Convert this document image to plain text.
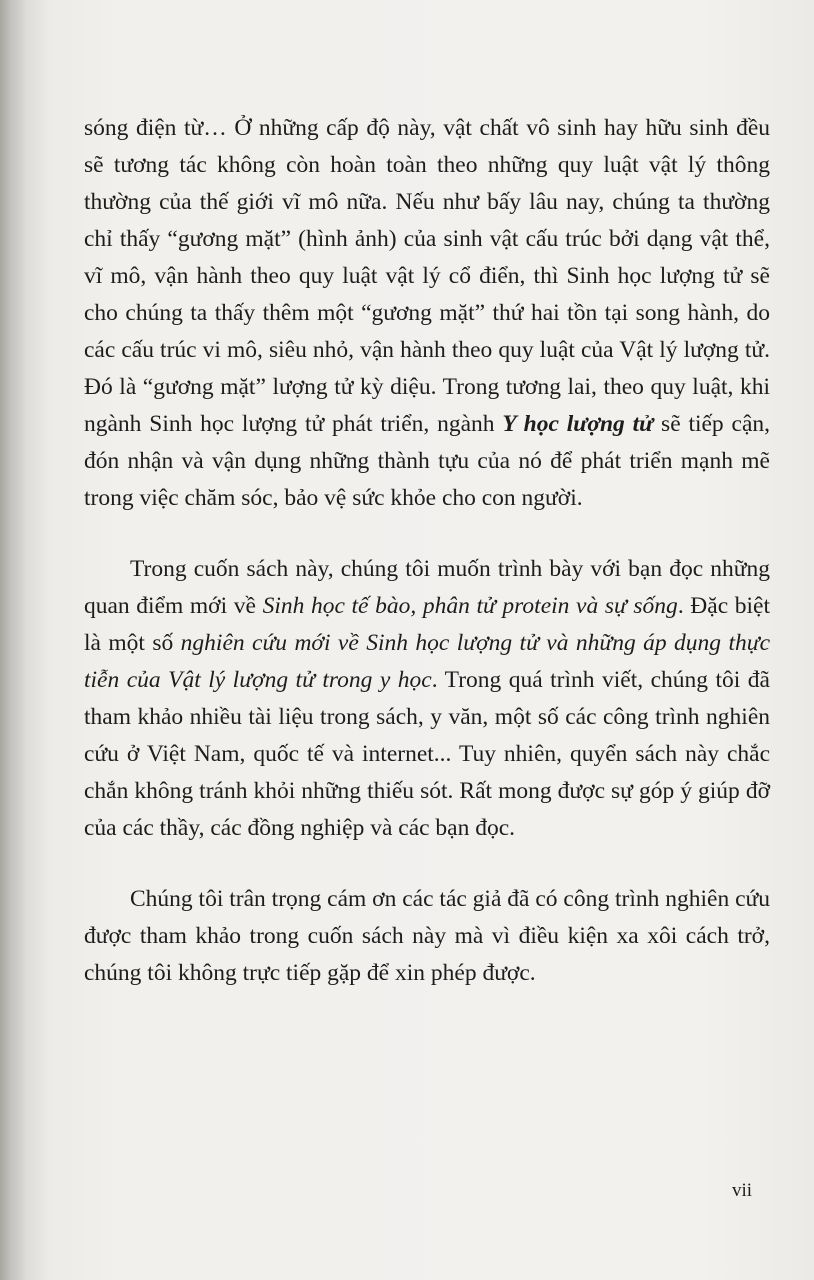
sóng điện từ… Ở những cấp độ này, vật chất vô sinh hay hữu sinh đều sẽ tương tác không còn hoàn toàn theo những quy luật vật lý thông thường của thế giới vĩ mô nữa. Nếu như bấy lâu nay, chúng ta thường chỉ thấy “gương mặt” (hình ảnh) của sinh vật cấu trúc bởi dạng vật thể, vĩ mô, vận hành theo quy luật vật lý cổ điển, thì Sinh học lượng tử sẽ cho chúng ta thấy thêm một “gương mặt” thứ hai tồn tại song hành, do các cấu trúc vi mô, siêu nhỏ, vận hành theo quy luật của Vật lý lượng tử. Đó là “gương mặt” lượng tử kỳ diệu. Trong tương lai, theo quy luật, khi ngành Sinh học lượng tử phát triển, ngành Y học lượng tử sẽ tiếp cận, đón nhận và vận dụng những thành tựu của nó để phát triển mạnh mẽ trong việc chăm sóc, bảo vệ sức khỏe cho con người.

Trong cuốn sách này, chúng tôi muốn trình bày với bạn đọc những quan điểm mới về Sinh học tế bào, phân tử protein và sự sống. Đặc biệt là một số nghiên cứu mới về Sinh học lượng tử và những áp dụng thực tiễn của Vật lý lượng tử trong y học. Trong quá trình viết, chúng tôi đã tham khảo nhiều tài liệu trong sách, y văn, một số các công trình nghiên cứu ở Việt Nam, quốc tế và internet... Tuy nhiên, quyển sách này chắc chắn không tránh khỏi những thiếu sót. Rất mong được sự góp ý giúp đỡ của các thầy, các đồng nghiệp và các bạn đọc.

Chúng tôi trân trọng cám ơn các tác giả đã có công trình nghiên cứu được tham khảo trong cuốn sách này mà vì điều kiện xa xôi cách trở, chúng tôi không trực tiếp gặp để xin phép được.

vii
